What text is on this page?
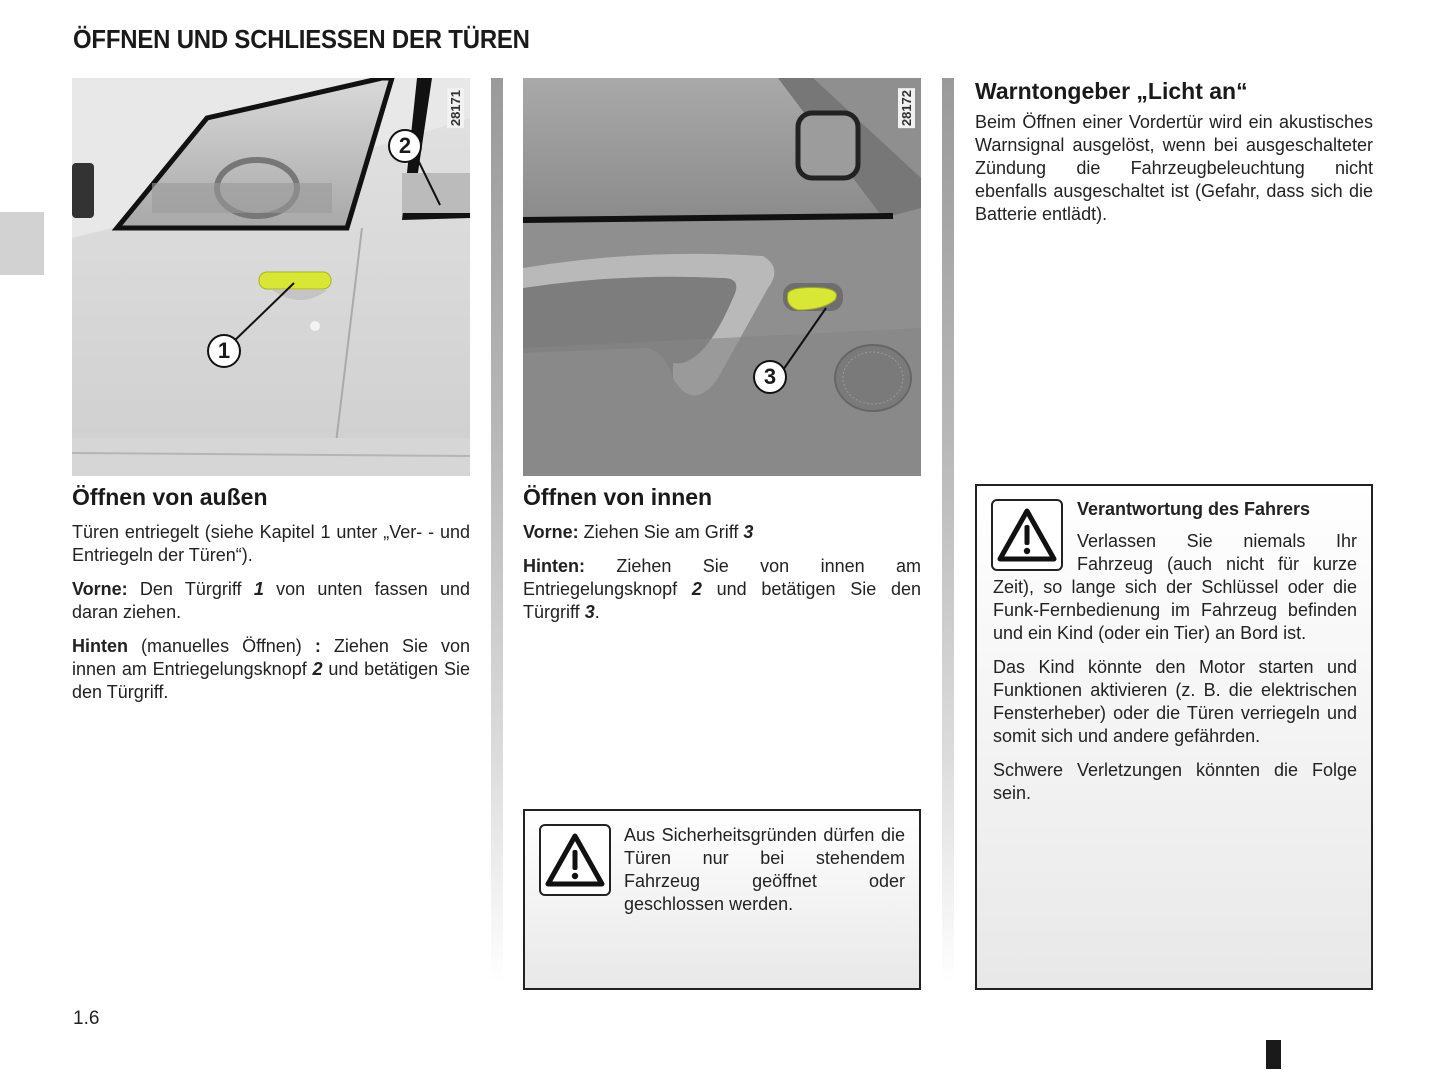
ÖFFNEN UND SCHLIESSEN DER TÜREN
28171
1
2
Öffnen von außen

Türen entriegelt (siehe Kapitel 1 unter „Ver- - und Entriegeln der Türen“).

Vorne: Den Türgriff 1 von unten fassen und daran ziehen.

Hinten (manuelles Öffnen) : Ziehen Sie von innen am Entriegelungsknopf 2 und betätigen Sie den Türgriff.

28172
3
Öffnen von innen

Vorne: Ziehen Sie am Griff 3

Hinten: Ziehen Sie von innen am Entriegelungsknopf 2 und betätigen Sie den Türgriff 3.

Aus Sicherheitsgründen dürfen die Türen nur bei stehendem Fahrzeug geöffnet oder geschlossen werden.

Warntongeber „Licht an“

Beim Öffnen einer Vordertür wird ein akustisches Warnsignal ausgelöst, wenn bei ausgeschalteter Zündung die Fahrzeugbeleuchtung nicht ebenfalls ausgeschaltet ist (Gefahr, dass sich die Batterie entlädt).

Verantwortung des Fahrers

Verlassen Sie niemals Ihr Fahrzeug (auch nicht für kurze Zeit), so lange sich der Schlüssel oder die Funk-Fernbedienung im Fahrzeug befinden und ein Kind (oder ein Tier) an Bord ist.

Das Kind könnte den Motor starten und Funktionen aktivieren (z. B. die elektrischen Fensterheber) oder die Türen verriegeln und somit sich und andere gefährden.

Schwere Verletzungen könnten die Folge sein.

1.6
